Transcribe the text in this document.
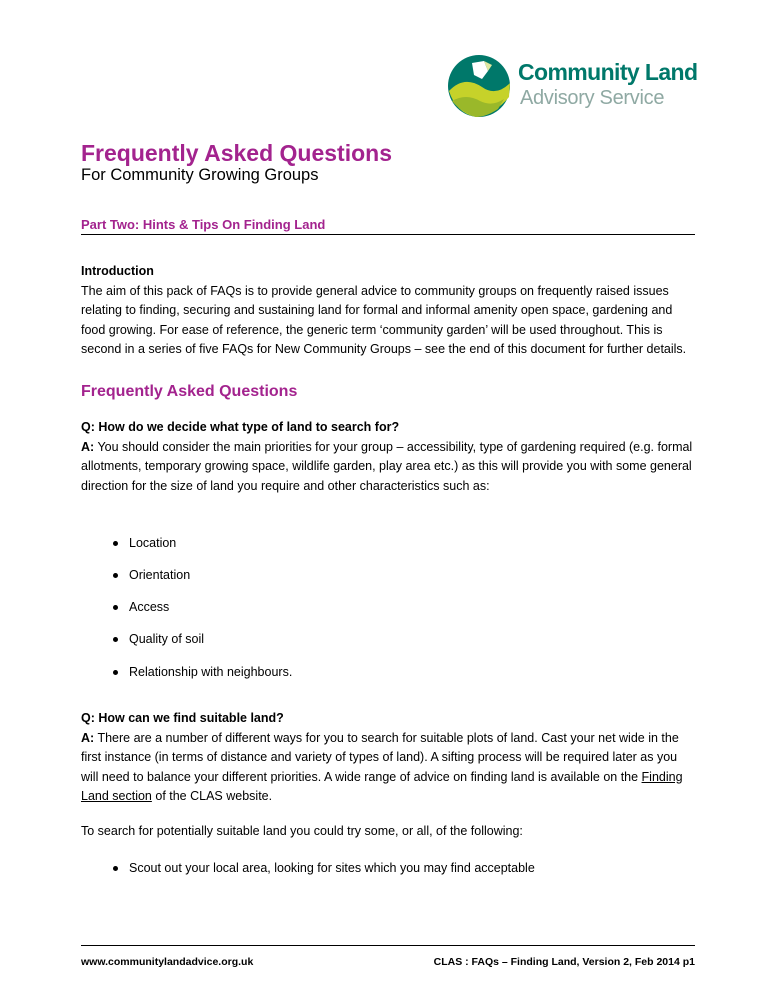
Community Land
Advisory Service
Frequently Asked Questions
For Community Growing Groups
Part Two: Hints & Tips On Finding Land
Introduction
The aim of this pack of FAQs is to provide general advice to community groups on frequently raised issues relating to finding, securing and sustaining land for formal and informal amenity open space, gardening and food growing. For ease of reference, the generic term ‘community garden’ will be used throughout. This is second in a series of five FAQs for New Community Groups – see the end of this document for further details.
Frequently Asked Questions
Q: How do we decide what type of land to search for?
A: You should consider the main priorities for your group – accessibility, type of gardening required (e.g. formal allotments, temporary growing space, wildlife garden, play area etc.) as this will provide you with some general direction for the size of land you require and other characteristics such as:
Location
Orientation
Access
Quality of soil
Relationship with neighbours.
Q: How can we find suitable land?
A: There are a number of different ways for you to search for suitable plots of land. Cast your net wide in the first instance (in terms of distance and variety of types of land). A sifting process will be required later as you will need to balance your different priorities. A wide range of advice on finding land is available on the Finding Land section of the CLAS website.
To search for potentially suitable land you could try some, or all, of the following:
Scout out your local area, looking for sites which you may find acceptable
www.communitylandadvice.org.uk	CLAS : FAQs – Finding Land, Version 2, Feb 2014 p1
